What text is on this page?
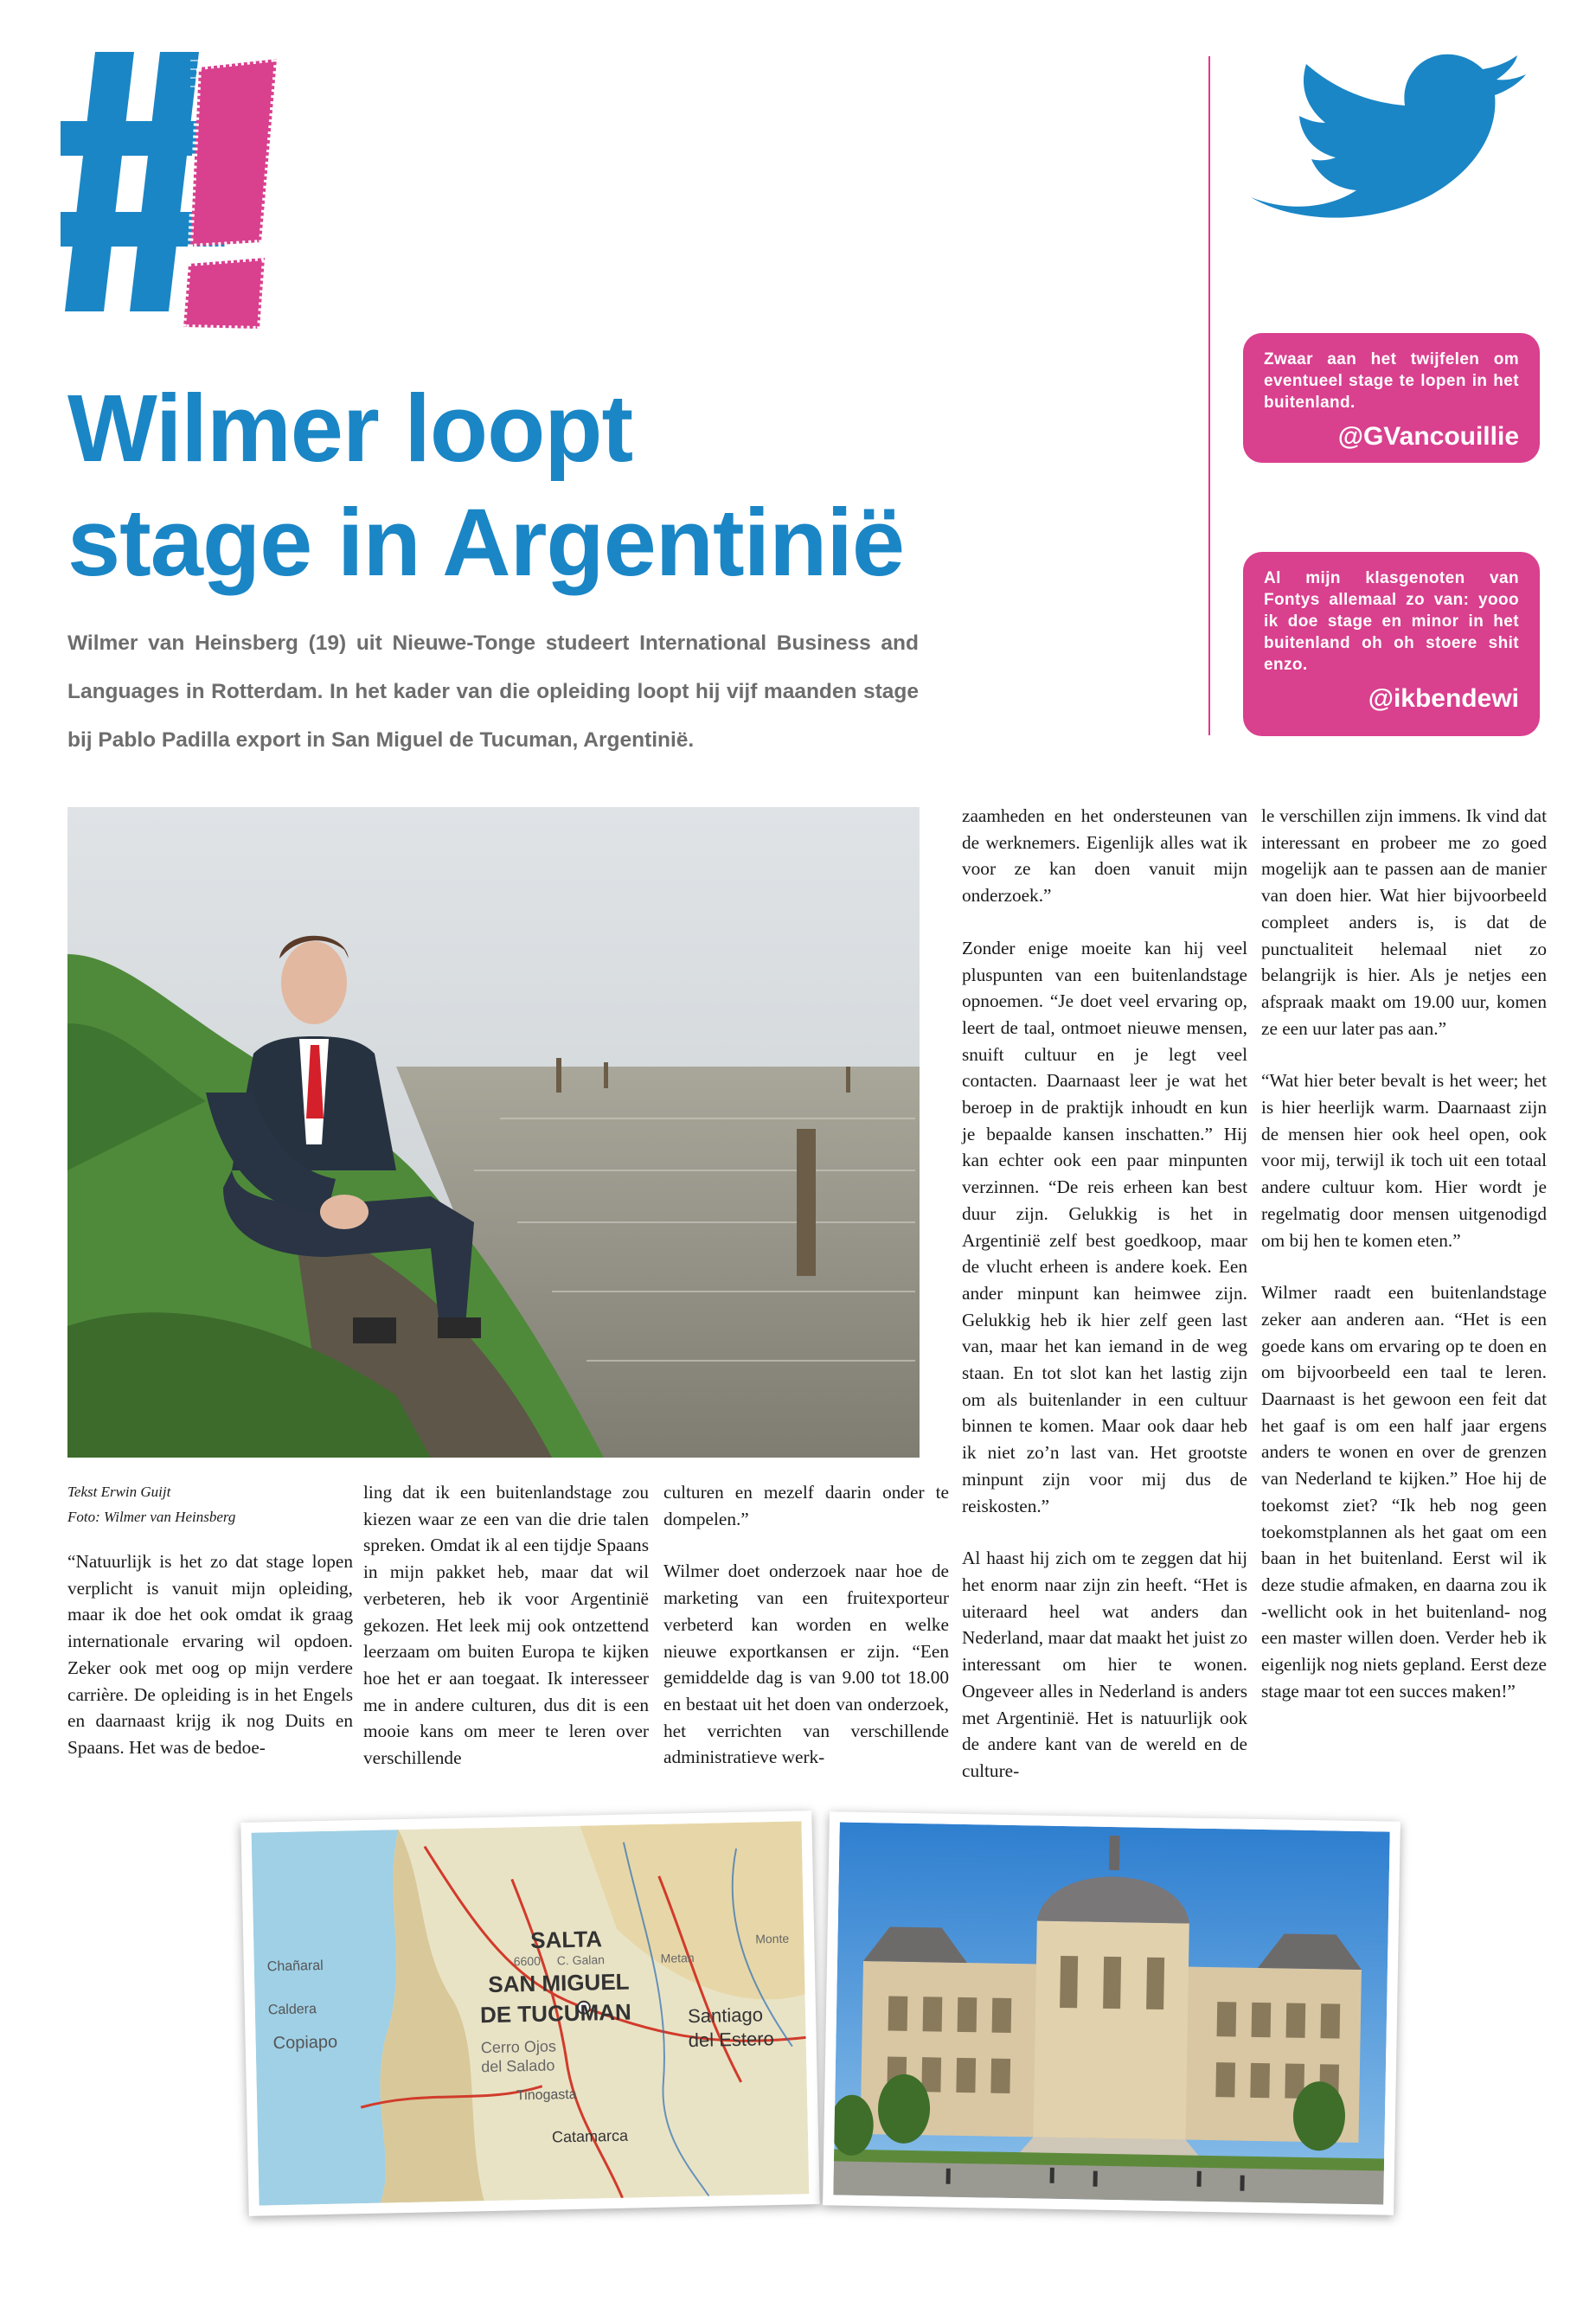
Wilmer loopt
stage in Argentinië

Wilmer van Heinsberg (19) uit Nieuwe-Tonge studeert International Business and Languages in Rotterdam. In het kader van die opleiding loopt hij vijf maanden stage bij Pablo Padilla export in San Miguel de Tucuman, Argentinië.

Zwaar aan het twijfelen om eventueel stage te lopen in het buitenland.
@GVancouillie
Al mijn klasgenoten van Fontys allemaal zo van: yooo ik doe stage en minor in het buitenland oh oh stoere shit enzo.
@ikbendewi

Tekst Erwin Guijt
Foto: Wilmer van Heinsberg

“Natuurlijk is het zo dat stage lopen verplicht is vanuit mijn opleiding, maar ik doe het ook omdat ik graag internationale ervaring wil opdoen. Zeker ook met oog op mijn verdere carrière. De opleiding is in het Engels en daarnaast krijg ik nog Duits en Spaans. Het was de bedoe-

ling dat ik een buitenlandstage zou kiezen waar ze een van die drie talen spreken. Omdat ik al een tijdje Spaans in mijn pakket heb, maar dat wil verbeteren, heb ik voor Argentinië gekozen. Het leek mij ook ontzettend leerzaam om buiten Europa te kijken hoe het er aan toegaat. Ik interesseer me in andere culturen, dus dit is een mooie kans om meer te leren over verschillende

culturen en mezelf daarin onder te dompelen.”

Wilmer doet onderzoek naar hoe de marketing van een fruitexporteur verbeterd kan worden en welke nieuwe exportkansen er zijn. “Een gemiddelde dag is van 9.00 tot 18.00 en bestaat uit het doen van onderzoek, het verrichten van verschillende administratieve werk-

zaamheden en het ondersteunen van de werknemers. Eigenlijk alles wat ik voor ze kan doen vanuit mijn onderzoek.”

Zonder enige moeite kan hij veel pluspunten van een buitenlandstage opnoemen. “Je doet veel ervaring op, leert de taal, ontmoet nieuwe mensen, snuift cultuur en je legt veel contacten. Daarnaast leer je wat het beroep in de praktijk inhoudt en kun je bepaalde kansen inschatten.” Hij kan echter ook een paar minpunten verzinnen. “De reis erheen kan best duur zijn. Gelukkig is het in Argentinië zelf best goedkoop, maar de vlucht erheen is andere koek. Een ander minpunt kan heimwee zijn. Gelukkig heb ik hier zelf geen last van, maar het kan iemand in de weg staan. En tot slot kan het lastig zijn om als buitenlander in een cultuur binnen te komen. Maar ook daar heb ik niet zo’n last van. Het grootste minpunt zijn voor mij dus de reiskosten.”

Al haast hij zich om te zeggen dat hij het enorm naar zijn zin heeft. “Het is uiteraard heel wat anders dan Nederland, maar dat maakt het juist zo interessant om hier te wonen. Ongeveer alles in Nederland is anders met Argentinië. Het is natuurlijk ook de andere kant van de wereld en de culture-

le verschillen zijn immens. Ik vind dat interessant en probeer me zo goed mogelijk aan te passen aan de manier van doen hier. Wat hier bijvoorbeeld compleet anders is, is dat de punctualiteit helemaal niet zo belangrijk is hier. Als je netjes een afspraak maakt om 19.00 uur, komen ze een uur later pas aan.”

“Wat hier beter bevalt is het weer; het is hier heerlijk warm. Daarnaast zijn de mensen hier ook heel open, ook voor mij, terwijl ik toch uit een totaal andere cultuur kom. Hier wordt je regelmatig door mensen uitgenodigd om bij hen te komen eten.”

Wilmer raadt een buitenlandstage zeker aan anderen aan. “Het is een goede kans om ervaring op te doen en om bijvoorbeeld een taal te leren. Daarnaast is het gewoon een feit dat het gaaf is om een half jaar ergens anders te wonen en over de grenzen van Nederland te kijken.” Hoe hij de toekomst ziet? “Ik heb nog geen toekomstplannen als het gaat om een baan in het buitenland. Eerst wil ik deze studie afmaken, en daarna zou ik -wellicht ook in het buitenland- nog een master willen doen. Verder heb ik eigenlijk nog niets gepland. Eerst deze stage maar tot een succes maken!”

SALTA
SAN MIGUEL
DE TUCUMAN	Santiago
del Estero
Catamarca
Copiapo	Cerro Ojos
del Salado
Chañaral
Caldera
Tinogasta
6600 C. Galan	Metan
Monte
